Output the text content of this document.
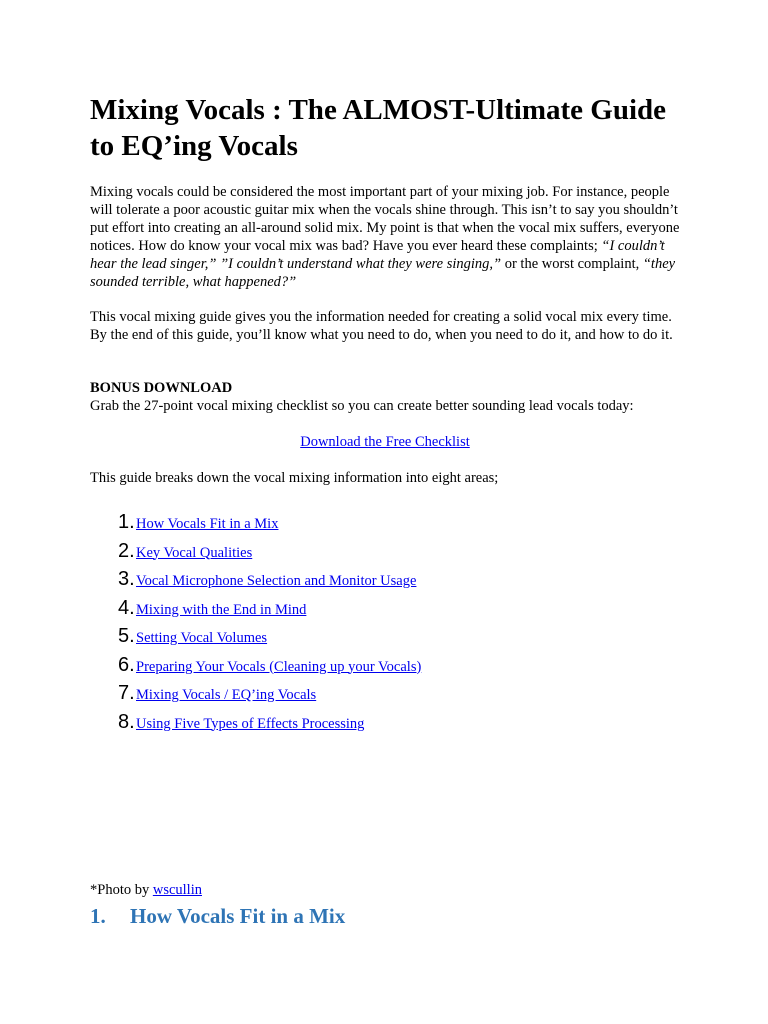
Mixing Vocals : The ALMOST-Ultimate Guide to EQ’ing Vocals

Mixing vocals could be considered the most important part of your mixing job. For instance, people will tolerate a poor acoustic guitar mix when the vocals shine through. This isn’t to say you shouldn’t put effort into creating an all-around solid mix. My point is that when the vocal mix suffers, everyone notices. How do know your vocal mix was bad? Have you ever heard these complaints; “I couldn’t hear the lead singer,” ”I couldn’t understand what they were singing,” or the worst complaint, “they sounded terrible, what happened?”

This vocal mixing guide gives you the information needed for creating a solid vocal mix every time. By the end of this guide, you’ll know what you need to do, when you need to do it, and how to do it.

BONUS DOWNLOAD

Grab the 27-point vocal mixing checklist so you can create better sounding lead vocals today:

Download the Free Checklist

This guide breaks down the vocal mixing information into eight areas;

1. How Vocals Fit in a Mix
2. Key Vocal Qualities
3. Vocal Microphone Selection and Monitor Usage
4. Mixing with the End in Mind
5. Setting Vocal Volumes
6. Preparing Your Vocals (Cleaning up your Vocals)
7. Mixing Vocals / EQ’ing Vocals
8. Using Five Types of Effects Processing

*Photo by wscullin

1.	How Vocals Fit in a Mix
